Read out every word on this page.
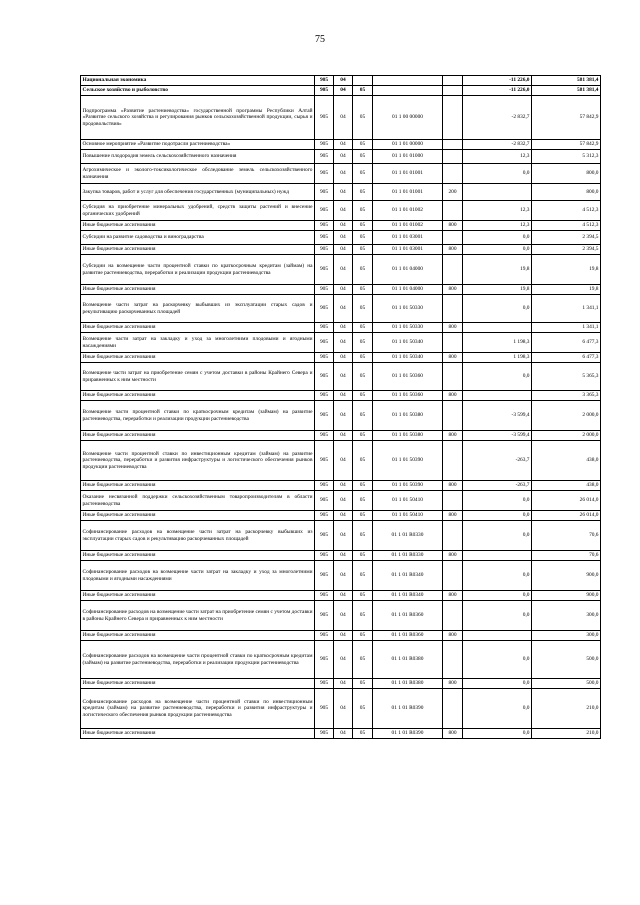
75
Национальная экономика	905	04				-11 226,0	581 381,4
Сельское хозяйство и рыболовство	905	04	05			-11 226,0	581 381,4
Подпрограмма «Развитие растениеводства» государственной программы Республики Алтай «Развитие сельского хозяйства и регулирования рынков сельскохозяйственной продукции, сырья и продовольствия»	905	04	05	01 1 00 00000		-2 832,7	57 842,9
Основное мероприятие «Развитие подотрасли растениеводства»	905	04	05	01 1 01 00000		-2 832,7	57 842,9
Повышение плодородия земель сельскохозяйственного назначения	905	04	05	01 1 01 01000		12,3	5 312,3
Агрохимическое и эколого-токсикологическое обследование земель сельскохозяйственного назначения	905	04	05	01 1 01 01001		0,0	800,0
Закупка товаров, работ и услуг для обеспечения государственных (муниципальных) нужд	905	04	05	01 1 01 01001	200		800,0
Субсидия на приобретение минеральных удобрений, средств защиты растений и внесение органических удобрений	905	04	05	01 1 01 01002		12,3	4 512,3
Иные бюджетные ассигнования	905	04	05	01 1 01 01002	800	12,3	4 512,3
Субсидии на развитие садоводства и виноградарства	905	04	05	01 1 01 03001		0,0	2 394,5
Иные бюджетные ассигнования	905	04	05	01 1 01 03001	800	0,0	2 394,5
Субсидии на возмещение части процентной ставки по краткосрочным кредитам (займам) на развитие растениеводства, переработки и реализации продукции растениеводства	905	04	05	01 1 01 04000		19,8	19,8
Иные бюджетные ассигнования	905	04	05	01 1 01 04000	800	19,8	19,8
Возмещение части затрат на раскорчевку выбывших из эксплуатации старых садов и рекультивацию раскорчеванных площадей	905	04	05	01 1 01 50330		0,0	1 341,1
Иные бюджетные ассигнования	905	04	05	01 1 01 50330	800		1 341,1
Возмещение части затрат на закладку и уход за многолетними плодовыми и ягодными насаждениями	905	04	05	01 1 01 50340		1 198,3	6 477,3
Иные бюджетные ассигнования	905	04	05	01 1 01 50340	800	1 198,3	6 477,3
Возмещение части затрат на приобретение семян с учетом доставки в районы Крайнего Севера и приравненных к ним местности	905	04	05	01 1 01 50360		0,0	5 365,3
Иные бюджетные ассигнования	905	04	05	01 1 01 50360	800		3 365,3
Возмещение части процентной ставки по краткосрочным кредитам (займам) на развитие растениеводства, переработки и реализации продукции растениеводства	905	04	05	01 1 01 50380		-3 599,4	2 000,0
Иные бюджетные ассигнования	905	04	05	01 1 01 50380	800	-3 599,4	2 000,0
Возмещение части процентной ставки по инвестиционным кредитам (займам) на развитие растениеводства, переработки и развития инфраструктуры и логистического обеспечения рынков продукции растениеводства	905	04	05	01 1 01 50390		-263,7	438,0
Иные бюджетные ассигнования	905	04	05	01 1 01 50390	800	-263,7	438,0
Оказание несвязанной поддержки сельскохозяйственным товаропроизводителям в области растениеводства	905	04	05	01 1 01 50410		0,0	26 014,0
Иные бюджетные ассигнования	905	04	05	01 1 01 50410	800	0,0	26 014,0
Софинансирование расходов на возмещение части затрат на раскорчевку выбывших из эксплуатации старых садов и рекультивацию раскорчеванных площадей	905	04	05	01 1 01 R0330		0,0	70,6
Иные бюджетные ассигнования	905	04	05	01 1 01 R0330	800		70,6
Софинансирование расходов на возмещение части затрат на закладку и уход за многолетними плодовыми и ягодными насаждениями	905	04	05	01 1 01 R0340		0,0	900,0
Иные бюджетные ассигнования	905	04	05	01 1 01 R0340	800	0,0	900,0
Софинансирование расходов на возмещение части затрат на приобретение семян с учетом доставки в районы Крайнего Севера и приравненных к ним местности	905	04	05	01 1 01 R0360		0,0	300,0
Иные бюджетные ассигнования	905	04	05	01 1 01 R0360	800		300,0
Софинансирование расходов на возмещение части процентной ставки по краткосрочным кредитам (займам) на развитие растениеводства, переработки и реализации продукции растениеводства	905	04	05	01 1 01 R0380		0,0	500,0
Иные бюджетные ассигнования	905	04	05	01 1 01 R0380	800	0,0	500,0
Софинансирование расходов на возмещение части процентной ставки по инвестиционным кредитам (займам) на развитие растениеводства, переработки и развития инфраструктуры и логистического обеспечения рынков продукции растениеводства	905	04	05	01 1 01 R0390		0,0	210,0
Иные бюджетные ассигнования	905	04	05	01 1 01 R0390	800	0,0	210,0
